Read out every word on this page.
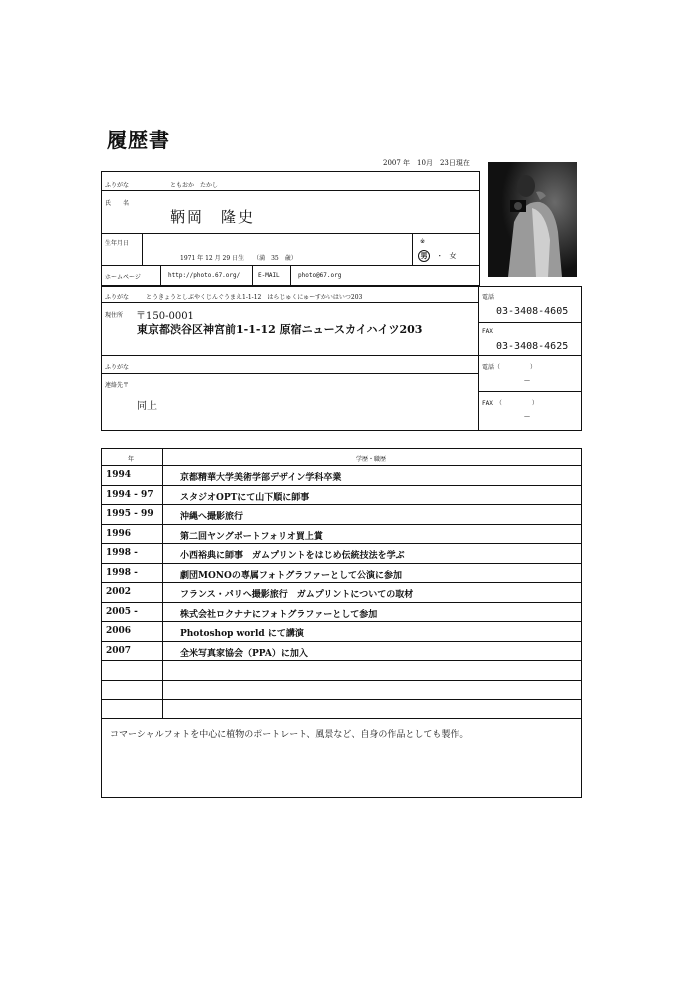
履歴書
2007 年　10月　23日現在
ふりがな	ともおか　たかし
氏　　名
鞆岡　隆史
生年月日
1971 年 12 月 29 日生　　（満　35　歳）
※
男 ・ 女
ホームページ	http://photo.67.org/	E-MAIL	photo@67.org
ふりがな	とうきょうとしぶやくじんぐうまえ1-1-12　はらじゅくにゅーすかいはいつ203
現住所 〒150-0001
東京都渋谷区神宮前1-1-12 原宿ニュースカイハイツ203
電話
03-3408-4605
FAX
03-3408-4625
ふりがな
連絡先〒
同上
電話（　　　　　）
—
FAX　（　　　　　）
—
年	学歴・職歴
1994	京都精華大学美術学部デザイン学科卒業
1994 - 97	スタジオOPTにて山下順に師事
1995 - 99	沖縄へ撮影旅行
1996	第二回ヤングポートフォリオ買上賞
1998 -	小西裕典に師事　ガムプリントをはじめ伝統技法を学ぶ
1998 -	劇団MONOの専属フォトグラファーとして公演に参加
2002	フランス・パリへ撮影旅行　ガムプリントについての取材
2005 -	株式会社ロクナナにフォトグラファーとして参加
2006	Photoshop world にて講演
2007	全米写真家協会（PPA）に加入
コマーシャルフォトを中心に植物のポートレート、風景など、自身の作品としても製作。
